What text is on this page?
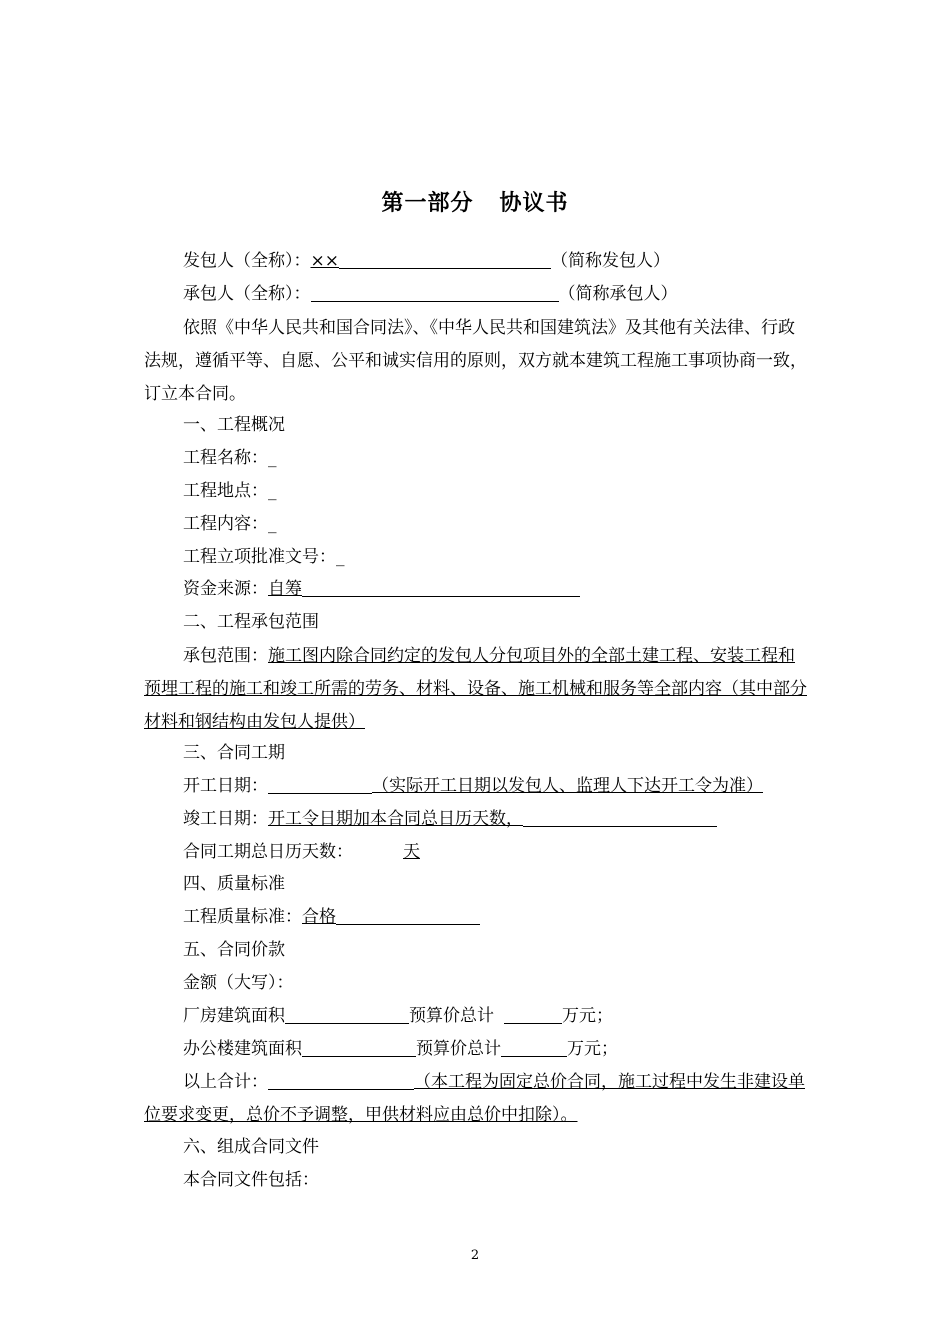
第一部分 协议书
发包人（全称）：××	（简称发包人）
承包人（全称）：	（简称承包人）
依照《中华人民共和国合同法》、《中华人民共和国建筑法》及其他有关法律、行政法规，遵循平等、自愿、公平和诚实信用的原则，双方就本建筑工程施工事项协商一致，订立本合同。
一、工程概况
工程名称：_
工程地点：_
工程内容：_
工程立项批准文号：_
资金来源：自筹
二、工程承包范围
承包范围：施工图内除合同约定的发包人分包项目外的全部土建工程、安装工程和预埋工程的施工和竣工所需的劳务、材料、设备、施工机械和服务等全部内容（其中部分材料和钢结构由发包人提供）
三、合同工期
开工日期：	（实际开工日期以发包人、监理人下达开工令为准）
竣工日期：开工令日期加本合同总日历天数，
合同工期总日历天数：	天
四、质量标准
工程质量标准：合格
五、合同价款
金额（大写）：
厂房建筑面积	预算价总计	万元；
办公楼建筑面积	预算价总计	万元；
以上合计：	（本工程为固定总价合同，施工过程中发生非建设单位要求变更，总价不予调整，甲供材料应由总价中扣除）。
六、组成合同文件
本合同文件包括：
2
